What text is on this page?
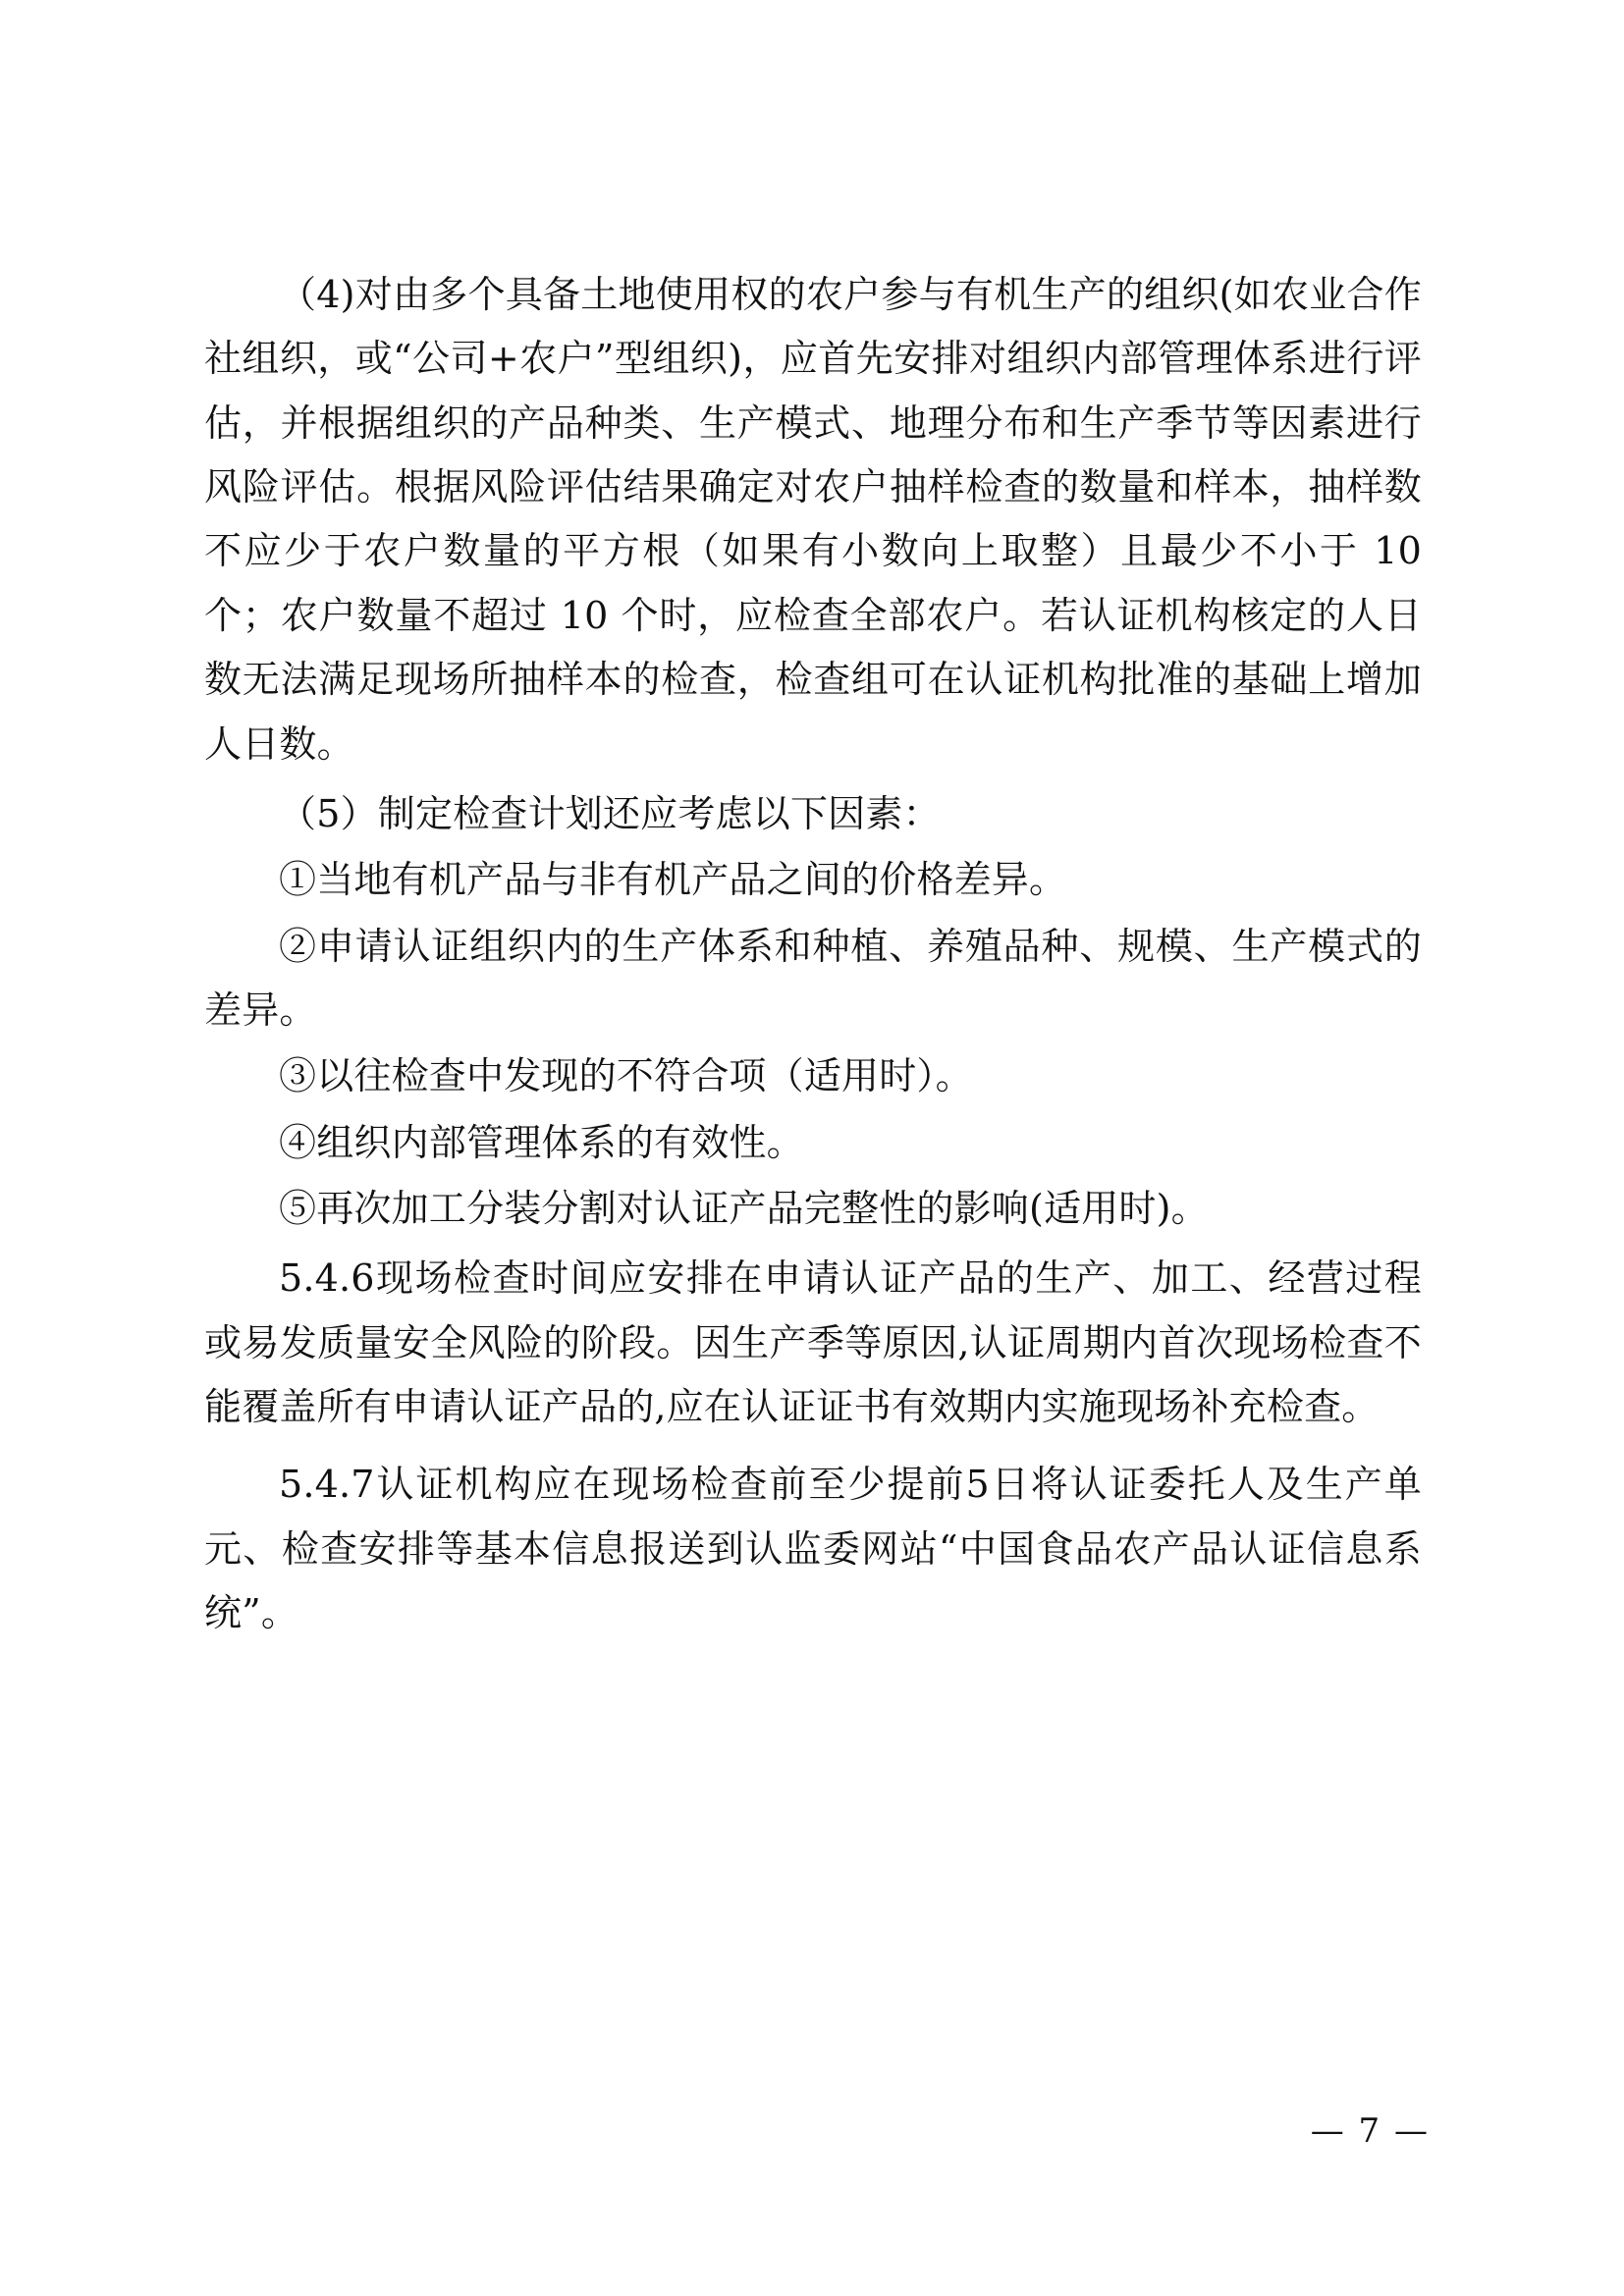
（4)对由多个具备土地使用权的农户参与有机生产的组织(如农业合作社组织，或“公司+农户”型组织)，应首先安排对组织内部管理体系进行评估，并根据组织的产品种类、生产模式、地理分布和生产季节等因素进行风险评估。根据风险评估结果确定对农户抽样检查的数量和样本，抽样数不应少于农户数量的平方根（如果有小数向上取整）且最少不小于 10 个；农户数量不超过 10 个时，应检查全部农户。若认证机构核定的人日数无法满足现场所抽样本的检查，检查组可在认证机构批准的基础上增加人日数。

（5）制定检查计划还应考虑以下因素：

①当地有机产品与非有机产品之间的价格差异。

②申请认证组织内的生产体系和种植、养殖品种、规模、生产模式的差异。

③以往检查中发现的不符合项（适用时）。

④组织内部管理体系的有效性。

⑤再次加工分装分割对认证产品完整性的影响(适用时)。

5.4.6现场检查时间应安排在申请认证产品的生产、加工、经营过程或易发质量安全风险的阶段。因生产季等原因,认证周期内首次现场检查不能覆盖所有申请认证产品的,应在认证证书有效期内实施现场补充检查。

5.4.7认证机构应在现场检查前至少提前5日将认证委托人及生产单元、检查安排等基本信息报送到认监委网站“中国食品农产品认证信息系统”。

— 7 —
